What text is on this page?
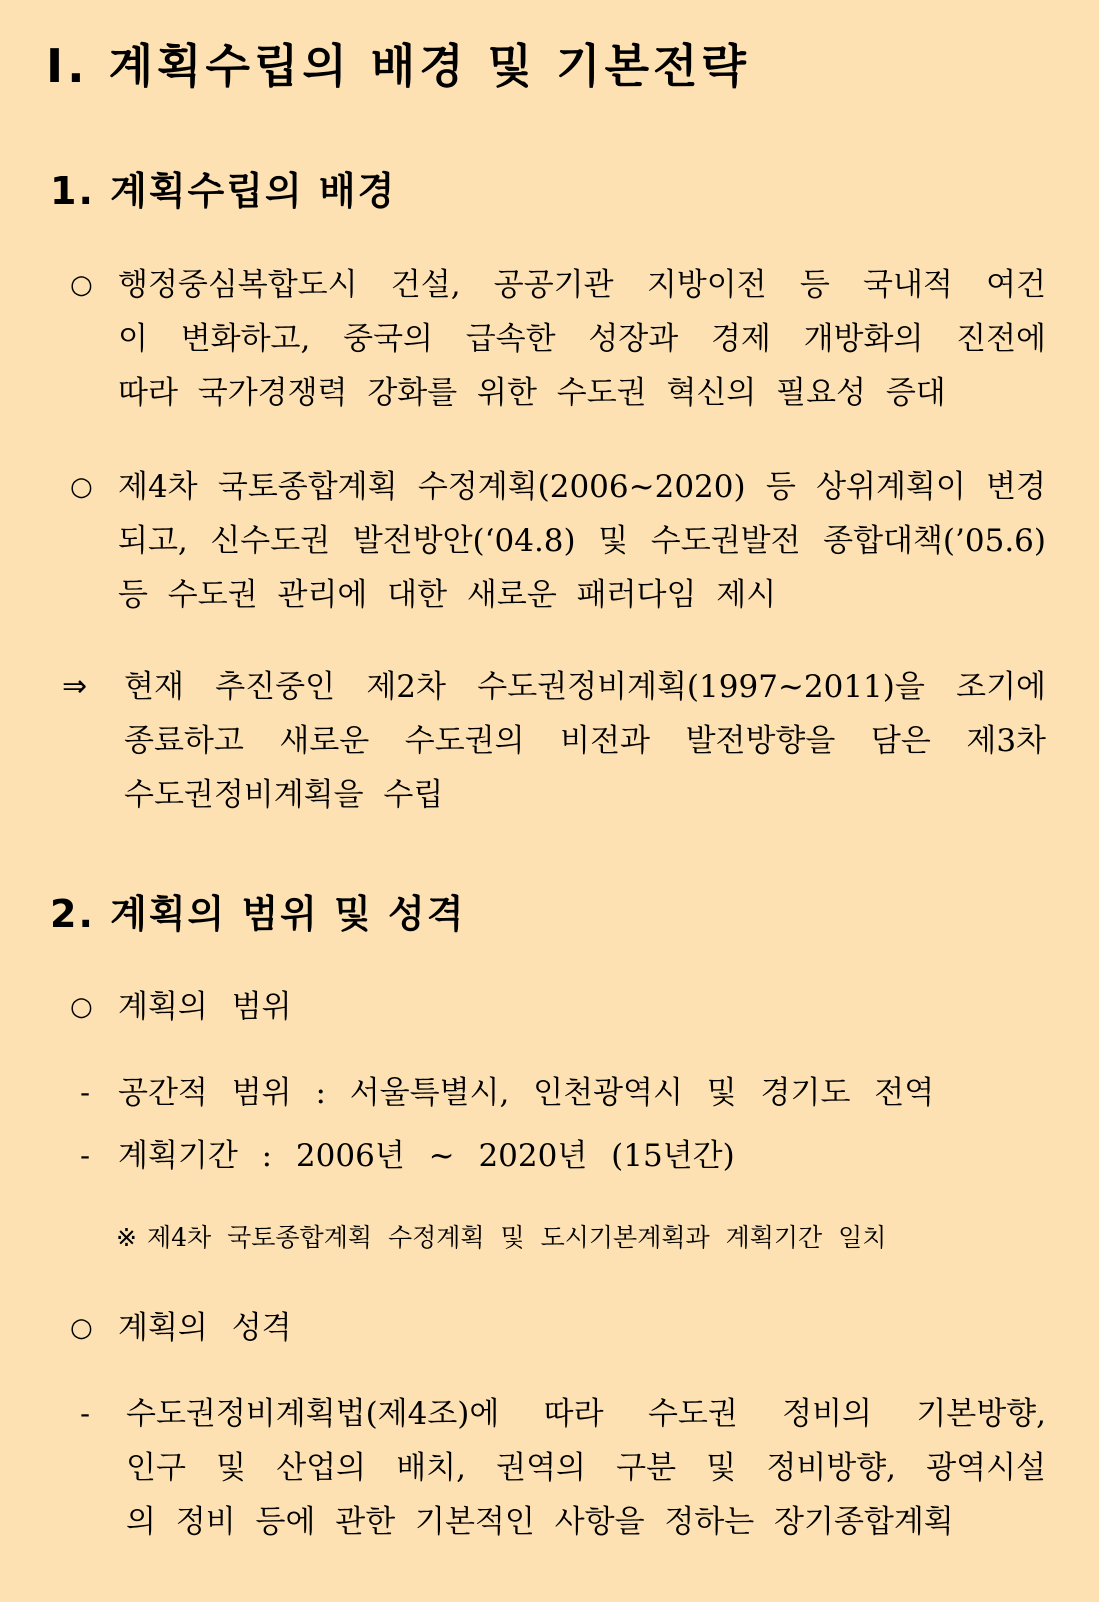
Ⅰ. 계획수립의 배경 및 기본전략
1. 계획수립의 배경
○ 행정중심복합도시 건설, 공공기관 지방이전 등 국내적 여건
이 변화하고, 중국의 급속한 성장과 경제 개방화의 진전에
따라 국가경쟁력 강화를 위한 수도권 혁신의 필요성 증대
○ 제4차 국토종합계획 수정계획(2006~2020) 등 상위계획이 변경
되고, 신수도권 발전방안(‘04.8) 및 수도권발전 종합대책(’05.6)
등 수도권 관리에 대한 새로운 패러다임 제시
⇒ 현재 추진중인 제2차 수도권정비계획(1997~2011)을 조기에
종료하고 새로운 수도권의 비전과 발전방향을 담은 제3차
수도권정비계획을 수립
2. 계획의 범위 및 성격
○ 계획의 범위
- 공간적 범위 : 서울특별시, 인천광역시 및 경기도 전역
- 계획기간 : 2006년 ~ 2020년 (15년간)
※ 제4차 국토종합계획 수정계획 및 도시기본계획과 계획기간 일치
○ 계획의 성격
- 수도권정비계획법(제4조)에 따라 수도권 정비의 기본방향,
인구 및 산업의 배치, 권역의 구분 및 정비방향, 광역시설
의 정비 등에 관한 기본적인 사항을 정하는 장기종합계획
